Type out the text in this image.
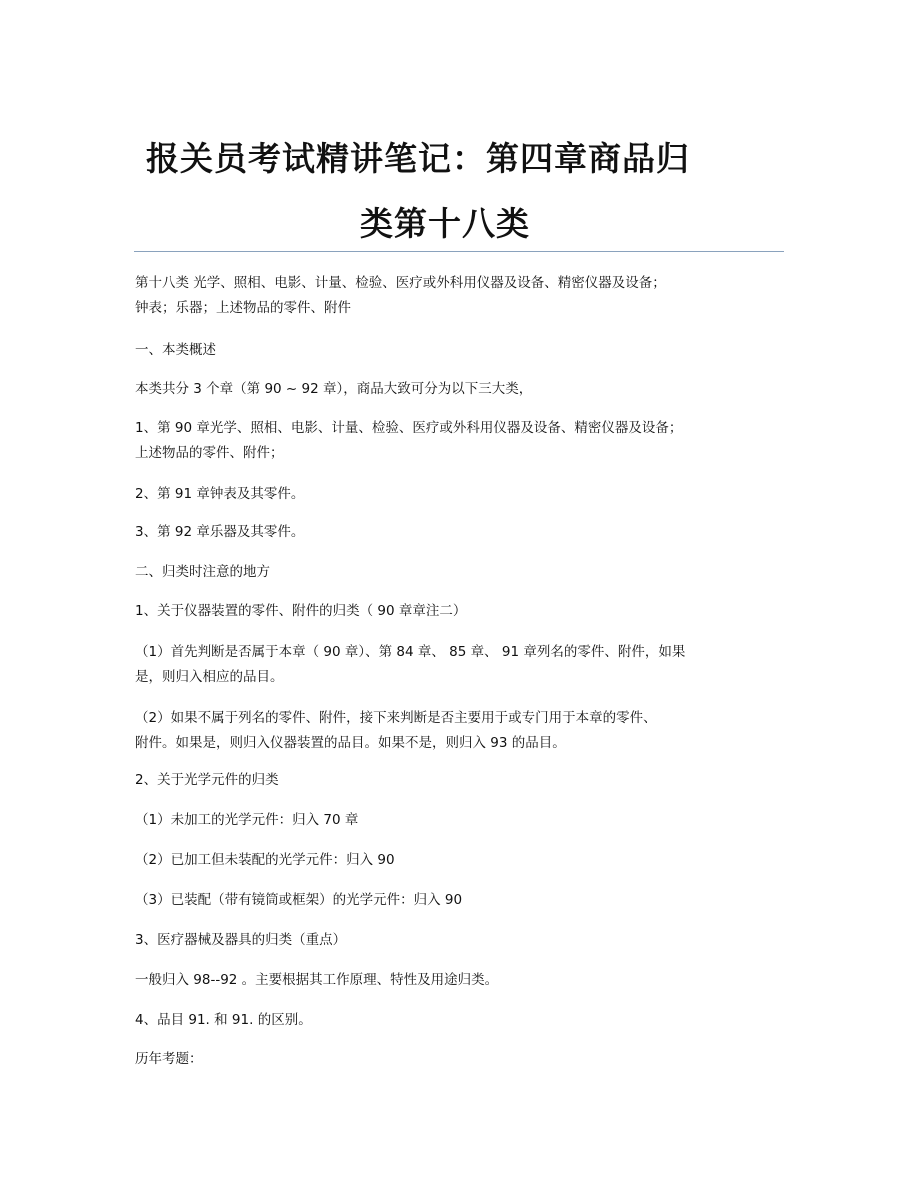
报关员考试精讲笔记：第四章商品归
类第十八类
第十八类 光学、照相、电影、计量、检验、医疗或外科用仪器及设备、精密仪器及设备；
钟表；乐器；上述物品的零件、附件
一、本类概述
本类共分 3 个章（第 90 ~ 92 章），商品大致可分为以下三大类，
1、第 90 章光学、照相、电影、计量、检验、医疗或外科用仪器及设备、精密仪器及设备；
上述物品的零件、附件；
2、第 91 章钟表及其零件。
3、第 92 章乐器及其零件。
二、归类时注意的地方
1、关于仪器装置的零件、附件的归类（ 90 章章注二）
（1）首先判断是否属于本章（ 90 章）、第 84 章、 85 章、 91 章列名的零件、附件，如果
是，则归入相应的品目。
（2）如果不属于列名的零件、附件，接下来判断是否主要用于或专门用于本章的零件、
附件。如果是，则归入仪器装置的品目。如果不是，则归入 93 的品目。
2、关于光学元件的归类
（1）未加工的光学元件：归入 70 章
（2）已加工但未装配的光学元件：归入 90
（3）已装配（带有镜筒或框架）的光学元件：归入 90
3、医疗器械及器具的归类（重点）
一般归入 98--92 。主要根据其工作原理、特性及用途归类。
4、品目 91. 和 91. 的区别。
历年考题：
